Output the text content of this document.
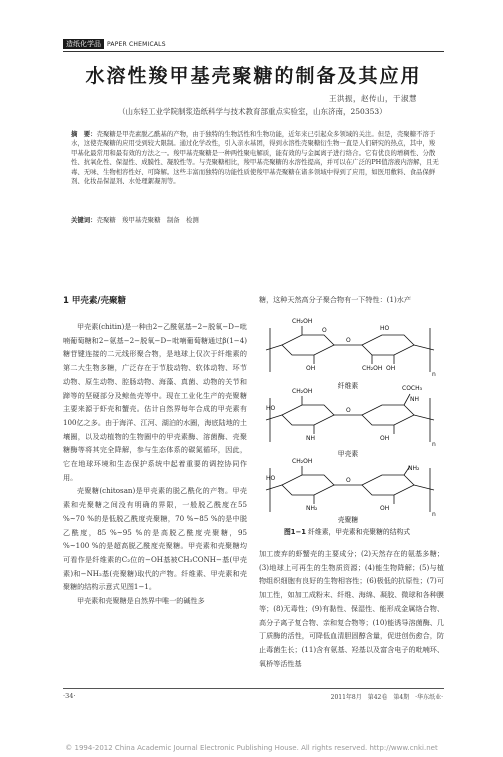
造纸化学品	PAPER CHEMICALS
水溶性羧甲基壳聚糖的制备及其应用
王洪振，赵传山，于淑慧
（山东轻工业学院制浆造纸科学与技术教育部重点实验室，山东济南，250353）
摘　要：壳聚糖是甲壳素脱乙酰基的产物，由于独特的生物活性和生物功能，近年来已引起众多领域的关注。但是，壳聚糖不溶于水，这使壳聚糖的应用受到较大限制。通过化学改性，引入亲水基团，得到水溶性壳聚糖衍生物一直是人们研究的热点，其中，羧甲基化最常用和最有效的方法之一。羧甲基壳聚糖是一种两性聚电解质，能有效的与金属离子进行络合。它有优良的增稠性、分散性、抗氧化性、保湿性、成膜性、凝胶性等。与壳聚糖相比，羧甲基壳聚糖的水溶性提高，并可以在广泛的PH值溶液内溶解，且无毒、无味、生物相容性好、可降解。这些丰富而独特的功能性质使羧甲基壳聚糖在诸多领域中得到了应用，如医用敷料、食品保鲜剂、化妆品保湿剂、水处理絮凝剂等。
关键词：壳聚糖　羧甲基壳聚糖　制备　检测
1 甲壳素/壳聚糖

甲壳素(chitin)是一种由2−乙酰氨基−2−脱氧−D−吡喃葡萄糖和2−氨基−2−脱氧−D−吡喃葡萄糖通过β(1−4)糖苷键连接的二元线形聚合物，是地球上仅次于纤维素的第二大生物多糖，广泛存在于节肢动物、软体动物、环节动物、原生动物、腔肠动物、海藻、真菌、动物的关节和蹄等的坚硬部分及鲸鱼壳等中。现在工业化生产的壳聚糖主要来源于虾壳和蟹壳。估计自然界每年合成的甲壳素有100亿之多。由于海洋、江河、湖泊的水圈，海底陆地的土壤圈，以及动植物的生物圈中的甲壳素酶、溶菌酶、壳聚糖酶等将其完全降解，参与生态体系的碳氮循环，因此，它在地球环境和生态保护系统中起着重要的调控协同作用。

壳聚糖(chitosan)是甲壳素的脱乙酰化的产物。甲壳素和壳聚糖之间没有明确的界限，一般脱乙酰度在55 %~70 %的是低脱乙酰度壳聚糖，70 %~85 %的是中脱乙酰度，85 %~95 %的是高脱乙酰度壳聚糖，95 %~100 %的是超高脱乙酰度壳聚糖。甲壳素和壳聚糖均可看作是纤维素的C₂位的−OH基被CH₃CONH−基(甲壳素)和−NH₂基(壳聚糖)取代的产物。纤维素、甲壳素和壳聚糖的结构示意式见图1−1。

甲壳素和壳聚糖是自然界中唯一的碱性多

糖，这种天然高分子聚合物有一下特性：(1)水产
CH₂OH
O
OH
O
HO
OH
CH₂OH
n
纤维素
CH₂OH
HO
NH
COCH₃
NH
O
OH
n
甲壳素
CH₂OH
HO
NH₂
NH₂
O
OH
n
壳聚糖
图1−1 纤维素，甲壳素和壳聚糖的结构式
加工废弃的虾蟹壳的主要成分；(2)天然存在的氨基多糖；(3)地球上可再生的生物质资源；(4)能生物降解；(5)与植物组织细胞有良好的生物相容性；(6)极低的抗原性；(7)可加工性，如加工成粉末、纤维、海绵、凝胶、微球和各种膜等；(8)无毒性；(9)有黏性、保湿性、能形成金属络合物、高分子离子复合物、亲和复合物等；(10)能诱导溶菌酶、几丁质酶的活性，可降低血清胆固醇含量，促进创伤愈合，防止毒菌生长；(11)含有氨基、羟基以及富含电子的吡喃环、氧桥等活性基
·34·	2011年8月　第42卷　第4期　·华东纸业·
© 1994-2012 China Academic Journal Electronic Publishing House. All rights reserved. http://www.cnki.net
